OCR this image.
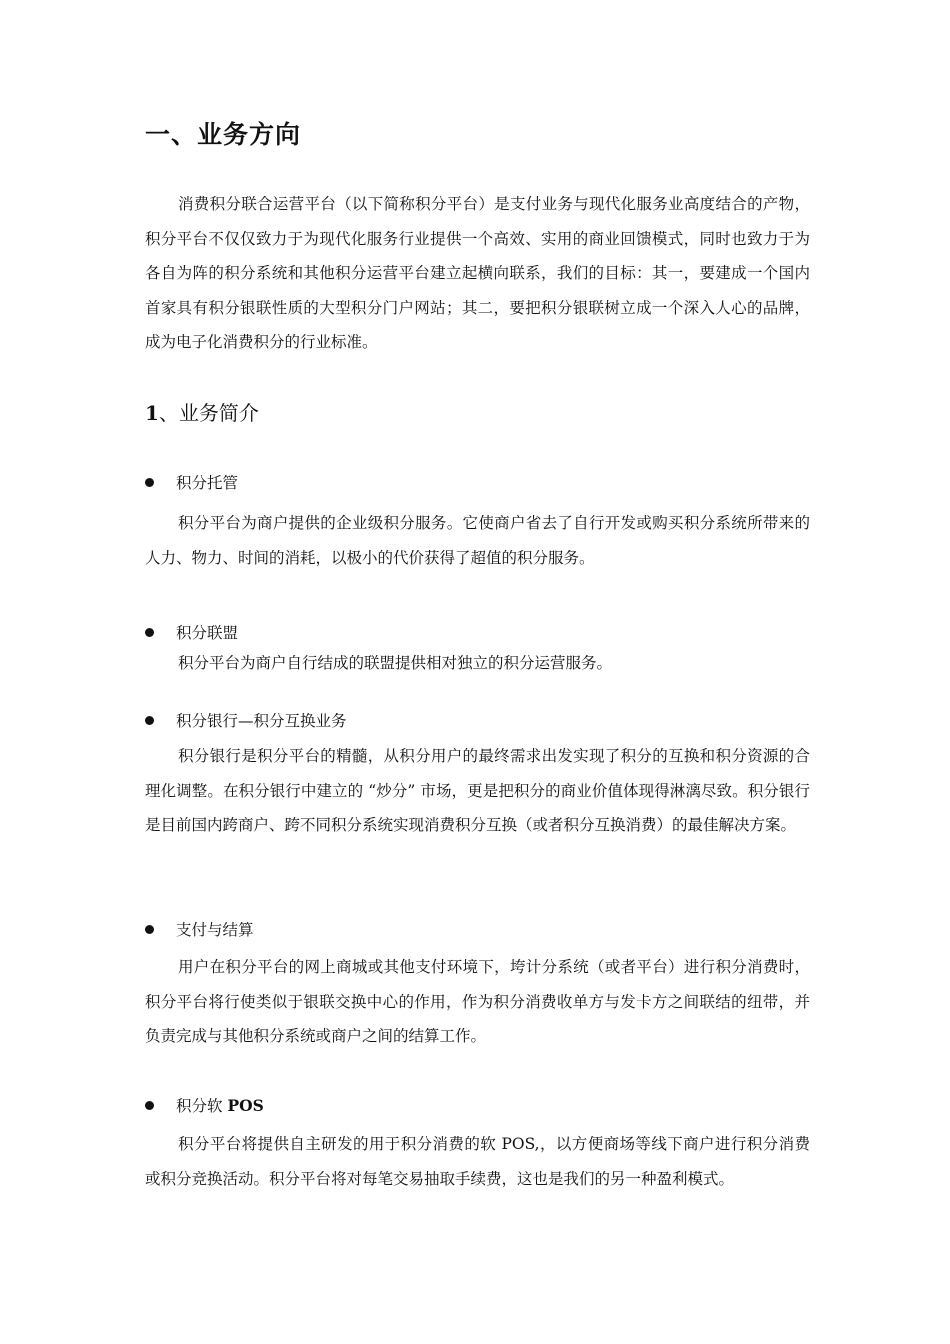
一、业务方向

消费积分联合运营平台（以下简称积分平台）是支付业务与现代化服务业高度结合的产物，积分平台不仅仅致力于为现代化服务行业提供一个高效、实用的商业回馈模式，同时也致力于为各自为阵的积分系统和其他积分运营平台建立起横向联系，我们的目标：其一，要建成一个国内首家具有积分银联性质的大型积分门户网站；其二，要把积分银联树立成一个深入人心的品牌，成为电子化消费积分的行业标准。

1、业务简介
积分托管

积分平台为商户提供的企业级积分服务。它使商户省去了自行开发或购买积分系统所带来的人力、物力、时间的消耗，以极小的代价获得了超值的积分服务。

积分联盟

积分平台为商户自行结成的联盟提供相对独立的积分运营服务。

积分银行—积分互换业务

积分银行是积分平台的精髓，从积分用户的最终需求出发实现了积分的互换和积分资源的合理化调整。在积分银行中建立的 “炒分” 市场，更是把积分的商业价值体现得淋漓尽致。积分银行是目前国内跨商户、跨不同积分系统实现消费积分互换（或者积分互换消费）的最佳解决方案。

支付与结算

用户在积分平台的网上商城或其他支付环境下，垮计分系统（或者平台）进行积分消费时，积分平台将行使类似于银联交换中心的作用，作为积分消费收单方与发卡方之间联结的纽带，并负责完成与其他积分系统或商户之间的结算工作。

积分软 POS

积分平台将提供自主研发的用于积分消费的软 POS,，以方便商场等线下商户进行积分消费或积分竞换活动。积分平台将对每笔交易抽取手续费，这也是我们的另一种盈利模式。
